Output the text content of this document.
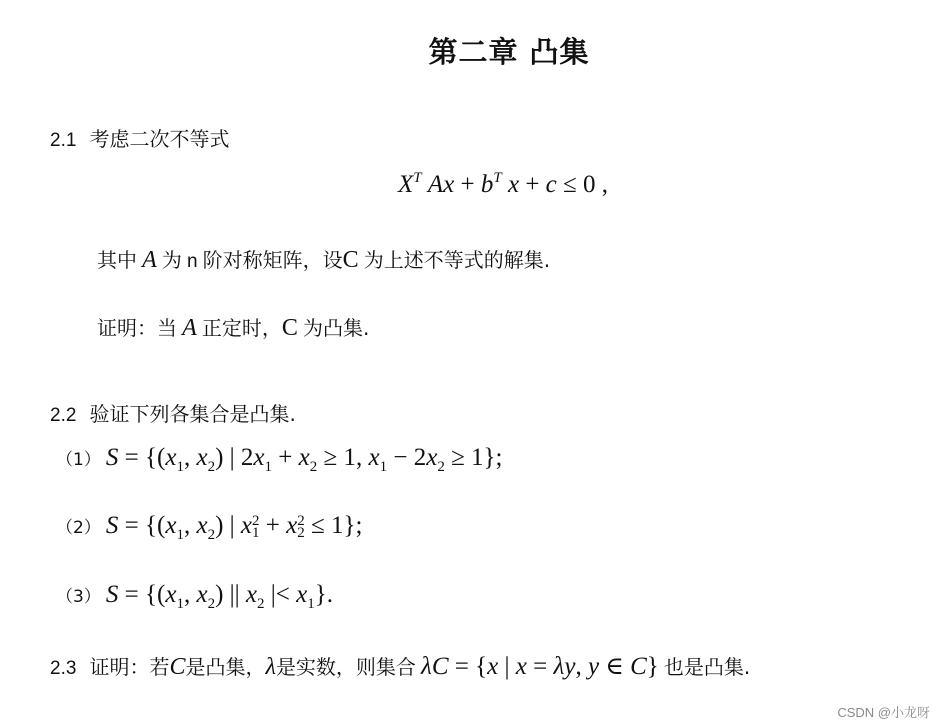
第二章 凸集
2.1 考虑二次不等式
$X^T$ $Ax + b^T$ x + c ≤ 0 ,
其中 A 为 n 阶对称矩阵，设C 为上述不等式的解集.
证明：当 A 正定时，C 为凸集.
2.2 验证下列各集合是凸集.
（1） $S = \{(x_1$, $x_2$) | $2x_1 + x_2 \ge 1$, $x_1 - 2x_2 \ge 1$};
（2） $S = \{(x_1$, $x_2$) | x 2
1 + x 2
2 ≤ 1};
（3） $S = \{(x_1$, $x_2$) || $x_2$ |< $x_1$}.
2.3 证明：若C是凸集，λ是实数，则集合 λC = {x | x = λy, y ∈ C} 也是凸集.
CSDN @小龙呀
